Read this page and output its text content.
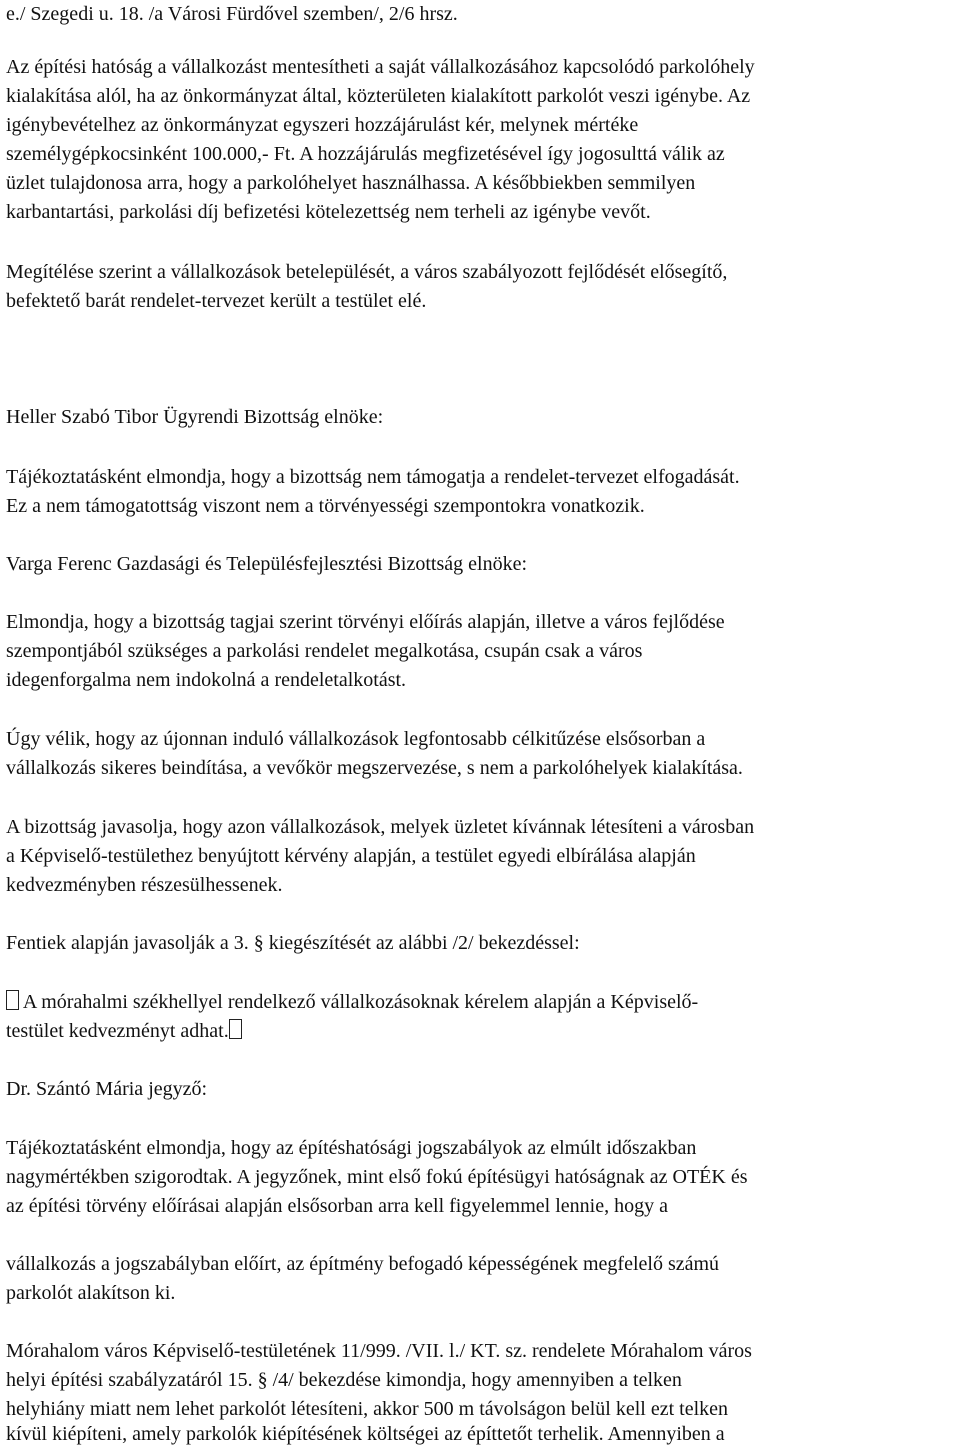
e./ Szegedi u. 18. /a Városi Fürdővel szemben/, 2/6 hrsz.
Az építési hatóság a vállalkozást mentesítheti a saját vállalkozásához kapcsolódó parkolóhely
kialakítása alól, ha az önkormányzat által, közterületen kialakított parkolót veszi igénybe. Az
igénybevételhez az önkormányzat egyszeri hozzájárulást kér, melynek mértéke
személygépkocsinként 100.000,- Ft. A hozzájárulás megfizetésével így jogosulttá válik az
üzlet tulajdonosa arra, hogy a parkolóhelyet használhassa. A későbbiekben semmilyen
karbantartási, parkolási díj befizetési kötelezettség nem terheli az igénybe vevőt.
Megítélése szerint a vállalkozások betelepülését, a város szabályozott fejlődését elősegítő,
befektető barát rendelet-tervezet került a testület elé.
Heller Szabó Tibor Ügyrendi Bizottság elnöke:
Tájékoztatásként elmondja, hogy a bizottság nem támogatja a rendelet-tervezet elfogadását.
Ez a nem támogatottság viszont nem a törvényességi szempontokra vonatkozik.
Varga Ferenc Gazdasági és Településfejlesztési Bizottság elnöke:
Elmondja, hogy a bizottság tagjai szerint törvényi előírás alapján, illetve a város fejlődése
szempontjából szükséges a parkolási rendelet megalkotása, csupán csak a város
idegenforgalma nem indokolná a rendeletalkotást.
Úgy vélik, hogy az újonnan induló vállalkozások legfontosabb célkitűzése elsősorban a
vállalkozás sikeres beindítása, a vevőkör megszervezése, s nem a parkolóhelyek kialakítása.
A bizottság javasolja, hogy azon vállalkozások, melyek üzletet kívánnak létesíteni a városban
a Képviselő-testülethez benyújtott kérvény alapján, a testület egyedi elbírálása alapján
kedvezményben részesülhessenek.
Fentiek alapján javasolják a 3. § kiegészítését az alábbi /2/ bekezdéssel:
A mórahalmi székhellyel rendelkező vállalkozásoknak kérelem alapján a Képviselő-
testület kedvezményt adhat.
Dr. Szántó Mária jegyző:
Tájékoztatásként elmondja, hogy az építéshatósági jogszabályok az elmúlt időszakban
nagymértékben szigorodtak. A jegyzőnek, mint első fokú építésügyi hatóságnak az OTÉK és
az építési törvény előírásai alapján elsősorban arra kell figyelemmel lennie, hogy a
vállalkozás a jogszabályban előírt, az építmény befogadó képességének megfelelő számú
parkolót alakítson ki.
Mórahalom város Képviselő-testületének 11/999. /VII. l./ KT. sz. rendelete Mórahalom város
helyi építési szabályzatáról 15. § /4/ bekezdése kimondja, hogy amennyiben a telken
helyhiány miatt nem lehet parkolót létesíteni, akkor 500 m távolságon belül kell ezt telken
kívül kiépíteni, amely parkolók kiépítésének költségei az építtetőt terhelik. Amennyiben a
